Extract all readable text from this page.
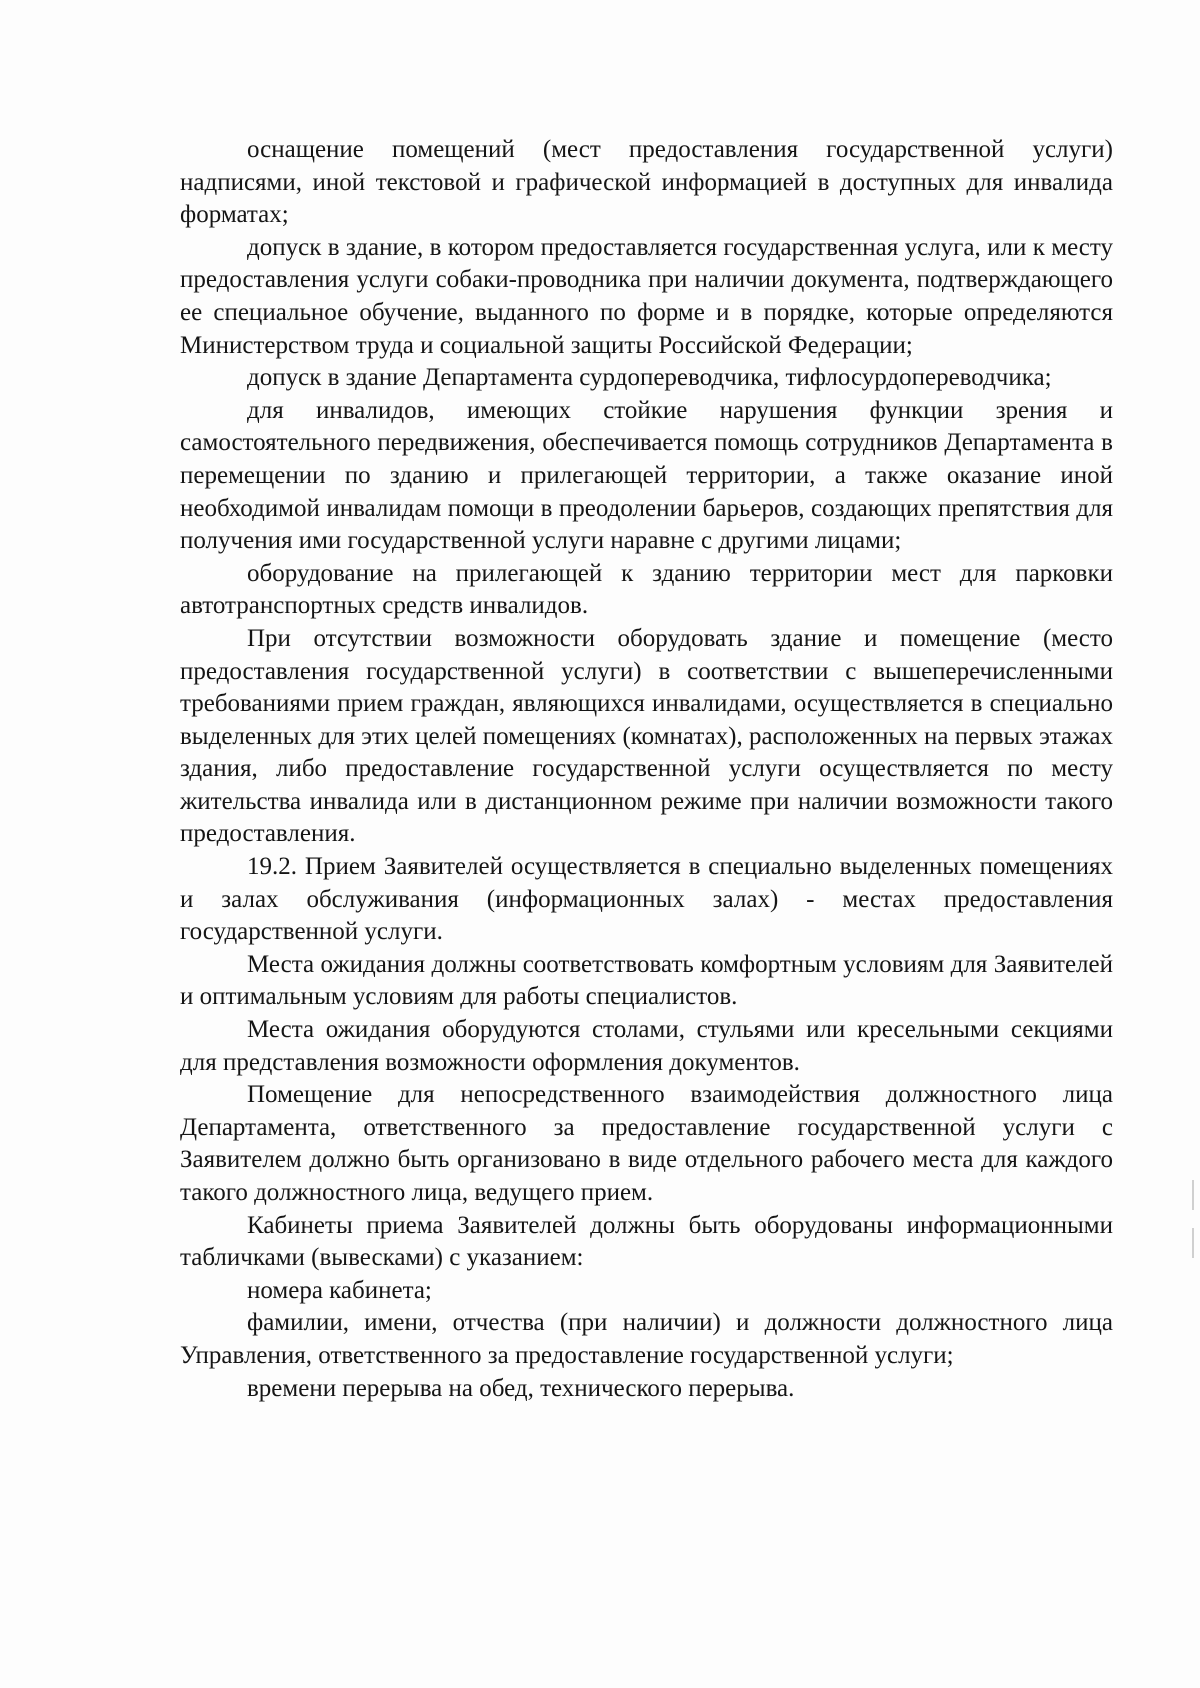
оснащение помещений (мест предоставления государственной услуги) надписями, иной текстовой и графической информацией в доступных для инвалида форматах;

допуск в здание, в котором предоставляется государственная услуга, или к месту предоставления услуги собаки-проводника при наличии документа, подтверждающего ее специальное обучение, выданного по форме и в порядке, которые определяются Министерством труда и социальной защиты Российской Федерации;

допуск в здание Департамента сурдопереводчика, тифлосурдопереводчика;

для инвалидов, имеющих стойкие нарушения функции зрения и самостоятельного передвижения, обеспечивается помощь сотрудников Департамента в перемещении по зданию и прилегающей территории, а также оказание иной необходимой инвалидам помощи в преодолении барьеров, создающих препятствия для получения ими государственной услуги наравне с другими лицами;

оборудование на прилегающей к зданию территории мест для парковки автотранспортных средств инвалидов.

При отсутствии возможности оборудовать здание и помещение (место предоставления государственной услуги) в соответствии с вышеперечисленными требованиями прием граждан, являющихся инвалидами, осуществляется в специально выделенных для этих целей помещениях (комнатах), расположенных на первых этажах здания, либо предоставление государственной услуги осуществляется по месту жительства инвалида или в дистанционном режиме при наличии возможности такого предоставления.

19.2. Прием Заявителей осуществляется в специально выделенных помещениях и залах обслуживания (информационных залах) - местах предоставления государственной услуги.

Места ожидания должны соответствовать комфортным условиям для Заявителей и оптимальным условиям для работы специалистов.

Места ожидания оборудуются столами, стульями или кресельными секциями для представления возможности оформления документов.

Помещение для непосредственного взаимодействия должностного лица Департамента, ответственного за предоставление государственной услуги с Заявителем должно быть организовано в виде отдельного рабочего места для каждого такого должностного лица, ведущего прием.

Кабинеты приема Заявителей должны быть оборудованы информационными табличками (вывесками) с указанием:

номера кабинета;

фамилии, имени, отчества (при наличии) и должности должностного лица Управления, ответственного за предоставление государственной услуги;

времени перерыва на обед, технического перерыва.
